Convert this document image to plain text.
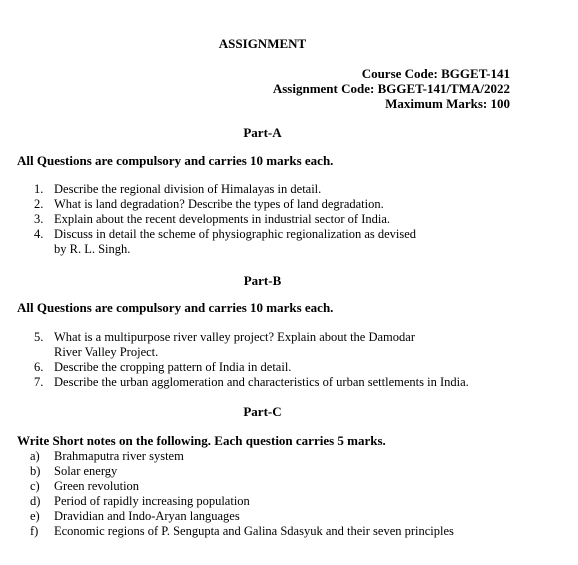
ASSIGNMENT
Course Code: BGGET-141
Assignment Code: BGGET-141/TMA/2022
Maximum Marks: 100
Part-A
All Questions are compulsory and carries 10 marks each.
1. Describe the regional division of Himalayas in detail.
2. What is land degradation? Describe the types of land degradation.
3. Explain about the recent developments in industrial sector of India.
4. Discuss in detail the scheme of physiographic regionalization as devised by R. L. Singh.
Part-B
All Questions are compulsory and carries 10 marks each.
5. What is a multipurpose river valley project? Explain about the Damodar River Valley Project.
6. Describe the cropping pattern of India in detail.
7. Describe the urban agglomeration and characteristics of urban settlements in India.
Part-C
Write Short notes on the following. Each question carries 5 marks.
a) Brahmaputra river system
b) Solar energy
c) Green revolution
d) Period of rapidly increasing population
e) Dravidian and Indo-Aryan languages
f) Economic regions of P. Sengupta and Galina Sdasyuk and their seven principles
